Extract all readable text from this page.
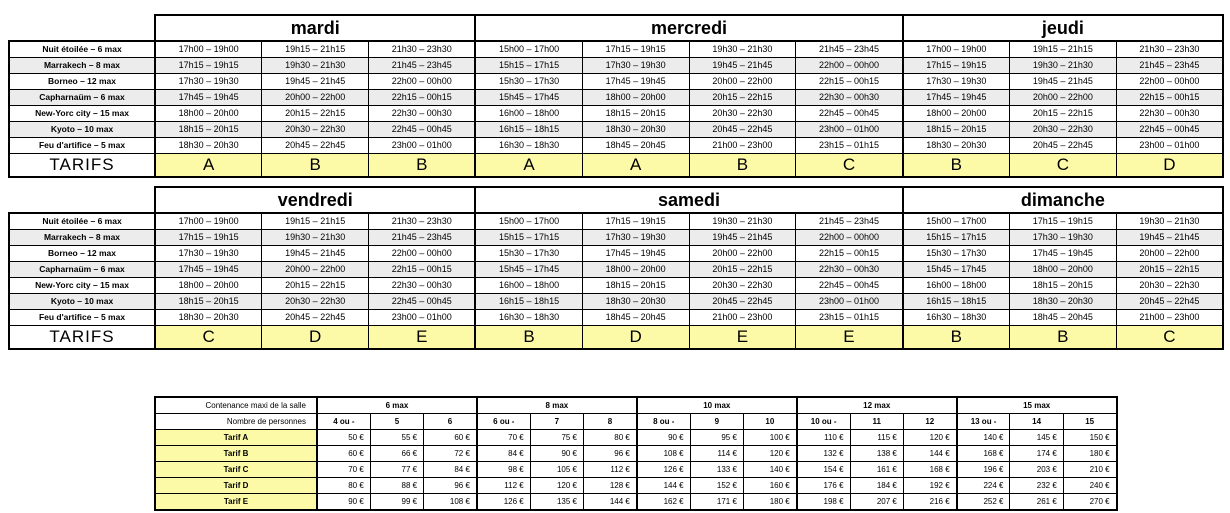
	mardi			mercredi				jeudi		
Nuit étoilée – 6 max	17h00 – 19h00	19h15 – 21h15	21h30 – 23h30	15h00 – 17h00	17h15 – 19h15	19h30 – 21h30	21h45 – 23h45	17h00 – 19h00	19h15 – 21h15	21h30 – 23h30
Marrakech – 8 max	17h15 – 19h15	19h30 – 21h30	21h45 – 23h45	15h15 – 17h15	17h30 – 19h30	19h45 – 21h45	22h00 – 00h00	17h15 – 19h15	19h30 – 21h30	21h45 – 23h45
Borneo – 12 max	17h30 – 19h30	19h45 – 21h45	22h00 – 00h00	15h30 – 17h30	17h45 – 19h45	20h00 – 22h00	22h15 – 00h15	17h30 – 19h30	19h45 – 21h45	22h00 – 00h00
Capharnaüm – 6 max	17h45 – 19h45	20h00 – 22h00	22h15 – 00h15	15h45 – 17h45	18h00 – 20h00	20h15 – 22h15	22h30 – 00h30	17h45 – 19h45	20h00 – 22h00	22h15 – 00h15
New-Yorc city – 15 max	18h00 – 20h00	20h15 – 22h15	22h30 – 00h30	16h00 – 18h00	18h15 – 20h15	20h30 – 22h30	22h45 – 00h45	18h00 – 20h00	20h15 – 22h15	22h30 – 00h30
Kyoto – 10 max	18h15 – 20h15	20h30 – 22h30	22h45 – 00h45	16h15 – 18h15	18h30 – 20h30	20h45 – 22h45	23h00 – 01h00	18h15 – 20h15	20h30 – 22h30	22h45 – 00h45
Feu d'artifice – 5 max	18h30 – 20h30	20h45 – 22h45	23h00 – 01h00	16h30 – 18h30	18h45 – 20h45	21h00 – 23h00	23h15 – 01h15	18h30 – 20h30	20h45 – 22h45	23h00 – 01h00
TARIFS	A	B	B	A	A	B	C	B	C	D
	vendredi			samedi				dimanche		
Nuit étoilée – 6 max	17h00 – 19h00	19h15 – 21h15	21h30 – 23h30	15h00 – 17h00	17h15 – 19h15	19h30 – 21h30	21h45 – 23h45	15h00 – 17h00	17h15 – 19h15	19h30 – 21h30
Marrakech – 8 max	17h15 – 19h15	19h30 – 21h30	21h45 – 23h45	15h15 – 17h15	17h30 – 19h30	19h45 – 21h45	22h00 – 00h00	15h15 – 17h15	17h30 – 19h30	19h45 – 21h45
Borneo – 12 max	17h30 – 19h30	19h45 – 21h45	22h00 – 00h00	15h30 – 17h30	17h45 – 19h45	20h00 – 22h00	22h15 – 00h15	15h30 – 17h30	17h45 – 19h45	20h00 – 22h00
Capharnaüm – 6 max	17h45 – 19h45	20h00 – 22h00	22h15 – 00h15	15h45 – 17h45	18h00 – 20h00	20h15 – 22h15	22h30 – 00h30	15h45 – 17h45	18h00 – 20h00	20h15 – 22h15
New-Yorc city – 15 max	18h00 – 20h00	20h15 – 22h15	22h30 – 00h30	16h00 – 18h00	18h15 – 20h15	20h30 – 22h30	22h45 – 00h45	16h00 – 18h00	18h15 – 20h15	20h30 – 22h30
Kyoto – 10 max	18h15 – 20h15	20h30 – 22h30	22h45 – 00h45	16h15 – 18h15	18h30 – 20h30	20h45 – 22h45	23h00 – 01h00	16h15 – 18h15	18h30 – 20h30	20h45 – 22h45
Feu d'artifice – 5 max	18h30 – 20h30	20h45 – 22h45	23h00 – 01h00	16h30 – 18h30	18h45 – 20h45	21h00 – 23h00	23h15 – 01h15	16h30 – 18h30	18h45 – 20h45	21h00 – 23h00
TARIFS	C	D	E	B	D	E	E	B	B	C
Contenance maxi de la salle	6 max			8 max			10 max			12 max			15 max		
Nombre de personnes	4 ou -	5	6	6 ou -	7	8	8 ou -	9	10	10 ou -	11	12	13 ou -	14	15
Tarif A	50 €	55 €	60 €	70 €	75 €	80 €	90 €	95 €	100 €	110 €	115 €	120 €	140 €	145 €	150 €
Tarif B	60 €	66 €	72 €	84 €	90 €	96 €	108 €	114 €	120 €	132 €	138 €	144 €	168 €	174 €	180 €
Tarif C	70 €	77 €	84 €	98 €	105 €	112 €	126 €	133 €	140 €	154 €	161 €	168 €	196 €	203 €	210 €
Tarif D	80 €	88 €	96 €	112 €	120 €	128 €	144 €	152 €	160 €	176 €	184 €	192 €	224 €	232 €	240 €
Tarif E	90 €	99 €	108 €	126 €	135 €	144 €	162 €	171 €	180 €	198 €	207 €	216 €	252 €	261 €	270 €
